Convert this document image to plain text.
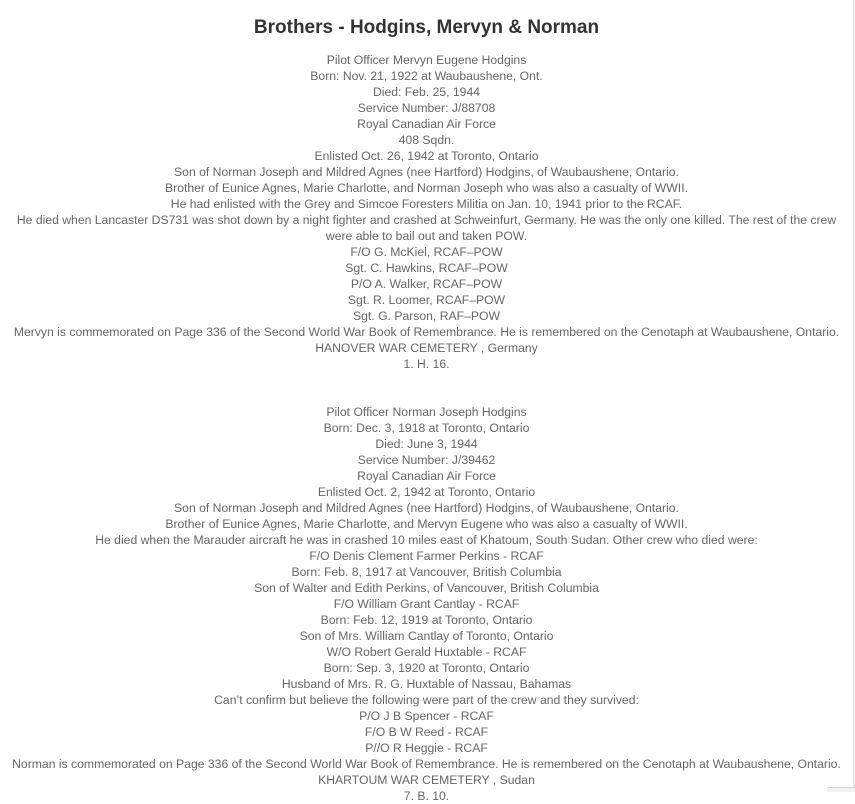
Brothers - Hodgins, Mervyn & Norman
Pilot Officer Mervyn Eugene Hodgins
Born: Nov. 21, 1922 at Waubaushene, Ont.
Died: Feb. 25, 1944
Service Number: J/88708
Royal Canadian Air Force
408 Sqdn.
Enlisted Oct. 26, 1942 at Toronto, Ontario
Son of Norman Joseph and Mildred Agnes (nee Hartford) Hodgins, of Waubaushene, Ontario.
Brother of Eunice Agnes, Marie Charlotte, and Norman Joseph who was also a casualty of WWII.
He had enlisted with the Grey and Simcoe Foresters Militia on Jan. 10, 1941 prior to the RCAF.
He died when Lancaster DS731 was shot down by a night fighter and crashed at Schweinfurt, Germany. He was the only one killed. The rest of the crew were able to bail out and taken POW.
F/O G. McKiel, RCAF–POW
Sgt. C. Hawkins, RCAF–POW
P/O A. Walker, RCAF–POW
Sgt. R. Loomer, RCAF–POW
Sgt. G. Parson, RAF–POW
Mervyn is commemorated on Page 336 of the Second World War Book of Remembrance. He is remembered on the Cenotaph at Waubaushene, Ontario.
HANOVER WAR CEMETERY , Germany
1. H. 16.
Pilot Officer Norman Joseph Hodgins
Born: Dec. 3, 1918 at Toronto, Ontario
Died: June 3, 1944
Service Number: J/39462
Royal Canadian Air Force
Enlisted Oct. 2, 1942 at Toronto, Ontario
Son of Norman Joseph and Mildred Agnes (nee Hartford) Hodgins, of Waubaushene, Ontario.
Brother of Eunice Agnes, Marie Charlotte, and Mervyn Eugene who was also a casualty of WWII.
He died when the Marauder aircraft he was in crashed 10 miles east of Khatoum, South Sudan. Other crew who died were:
F/O Denis Clement Farmer Perkins - RCAF
Born: Feb. 8, 1917 at Vancouver, British Columbia
Son of Walter and Edith Perkins, of Vancouver, British Columbia
F/O William Grant Cantlay - RCAF
Born: Feb. 12, 1919 at Toronto, Ontario
Son of Mrs. William Cantlay of Toronto, Ontario
W/O Robert Gerald Huxtable - RCAF
Born: Sep. 3, 1920 at Toronto, Ontario
Husband of Mrs. R. G. Huxtable of Nassau, Bahamas
Can’t confirm but believe the following were part of the crew and they survived:
P/O J B Spencer - RCAF
F/O B W Reed - RCAF
P//O R Heggie - RCAF
Norman is commemorated on Page 336 of the Second World War Book of Remembrance. He is remembered on the Cenotaph at Waubaushene, Ontario.
KHARTOUM WAR CEMETERY , Sudan
7. B. 10.
